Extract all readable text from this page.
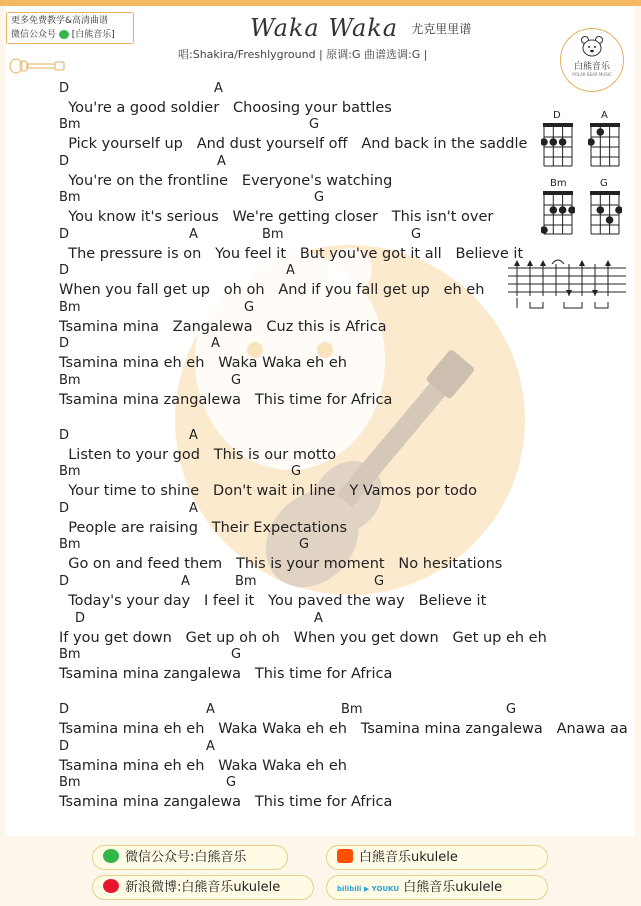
更多免费教学&高清曲谱
微信公众号 [白熊音乐]	Waka Waka 尤克里里谱
唱:Shakira/Freshlyground | 原调:G 曲谱选调:G |
白熊音乐
POLAR BEAR MUSIC
D	A
Bm	G
D	A
You're a good soldier   Choosing your battles
Bm	G
Pick yourself up   And dust yourself off   And back in the saddle
D	A
You're on the frontline   Everyone's watching
Bm	G
You know it's serious   We're getting closer   This isn't over
D	A	Bm	G
The pressure is on   You feel it   But you've got it all   Believe it
D	A
When you fall get up   oh oh   And if you fall get up   eh eh
Bm	G
Tsamina mina   Zangalewa   Cuz this is Africa
D	A
Tsamina mina eh eh   Waka Waka eh eh
Bm	G
Tsamina mina zangalewa   This time for Africa
D	A
Listen to your god   This is our motto
Bm	G
Your time to shine   Don't wait in line   Y Vamos por todo
D	A
People are raising   Their Expectations
Bm	G
Go on and feed them   This is your moment   No hesitations
D	A	Bm	G
Today's your day   I feel it   You paved the way   Believe it
D	A
If you get down   Get up oh oh   When you get down   Get up eh eh
Bm	G
Tsamina mina zangalewa   This time for Africa
D	A	Bm	G
Tsamina mina eh eh   Waka Waka eh eh   Tsamina mina zangalewa   Anawa aa
D	A
Tsamina mina eh eh   Waka Waka eh eh
Bm	G
Tsamina mina zangalewa   This time for Africa
微信公众号:白熊音乐	白熊音乐ukulele
新浪微博:白熊音乐ukulele	bilibili ▶ YOUKU 白熊音乐ukulele
